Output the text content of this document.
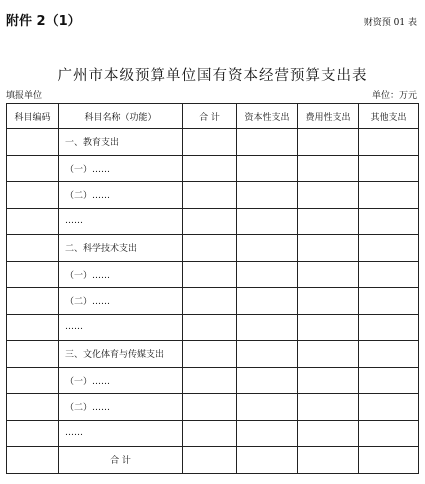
附件 2（1）	财资预 01 表
广州市本级预算单位国有资本经营预算支出表
填报单位	单位：万元
科目编码	科目名称（功能）	合 计	资本性支出	费用性支出	其他支出
	一、教育支出				
	（一）……				
	（二）……				
	……				
	二、科学技术支出				
	（一）……				
	（二）……				
	……				
	三、文化体育与传媒支出				
	（一）……				
	（二）……				
	……				
	合 计				
